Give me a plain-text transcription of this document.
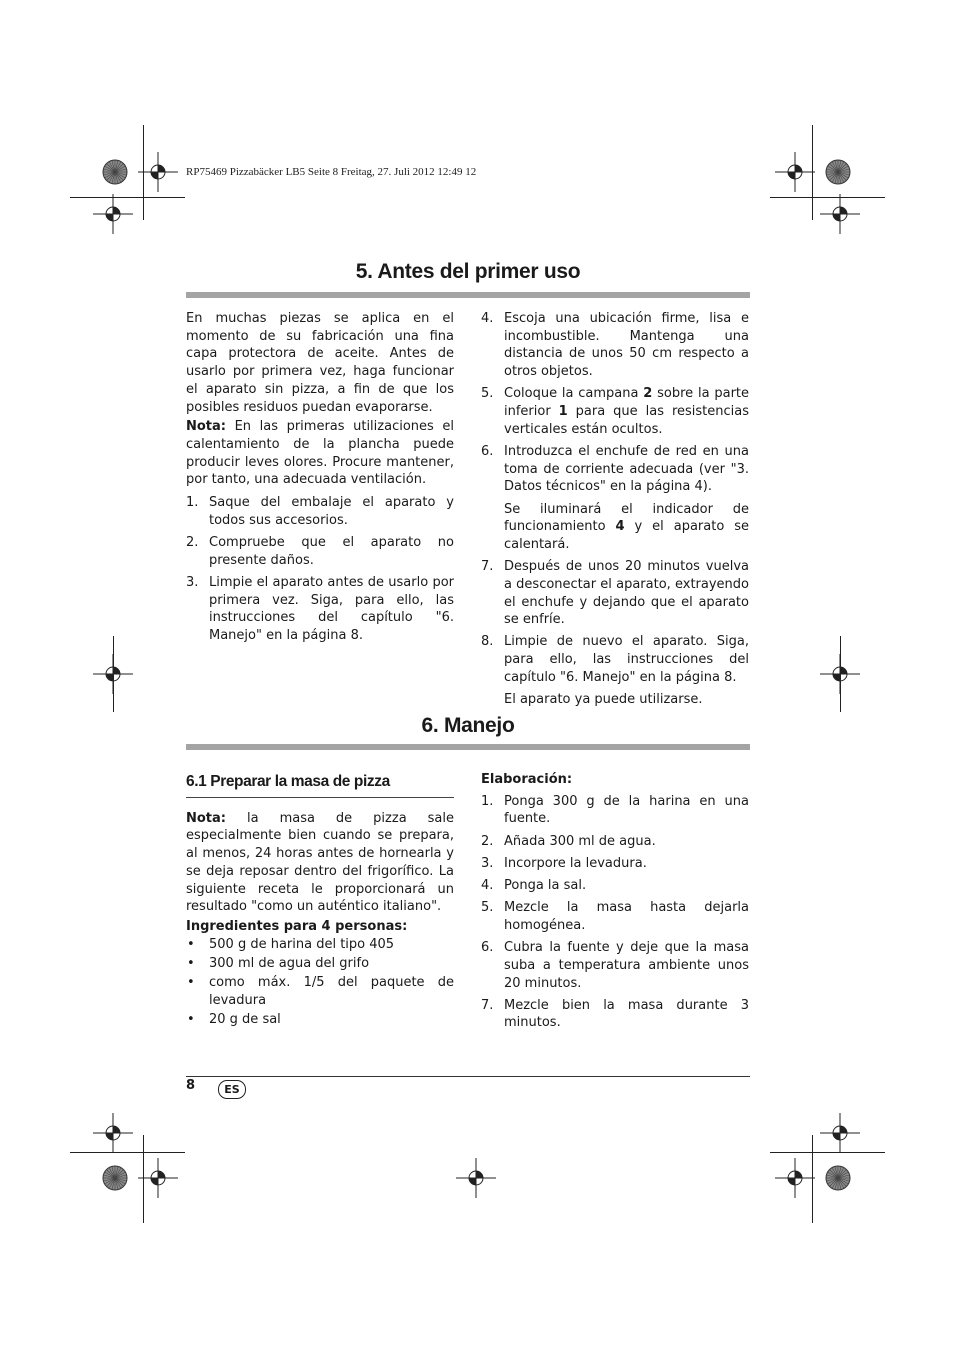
RP75469 Pizzabäcker LB5 Seite 8 Freitag, 27. Juli 2012 12:49 12
5. Antes del primer uso

En muchas piezas se aplica en el momento de su fabricación una fina capa protectora de aceite. Antes de usarlo por primera vez, haga funcionar el aparato sin pizza, a fin de que los posibles residuos puedan evaporarse.

Nota: En las primeras utilizaciones el calentamiento de la plancha puede producir leves olores. Procure mantener, por tanto, una adecuada ventilación.

1. Saque del embalaje el aparato y todos sus accesorios.
2. Compruebe que el aparato no presente daños.
3. Limpie el aparato antes de usarlo por primera vez. Siga, para ello, las instrucciones del capítulo "6. Manejo" en la página 8.
4. Escoja una ubicación firme, lisa e incombustible. Mantenga una distancia de unos 50 cm respecto a otros objetos.
5. Coloque la campana 2 sobre la parte inferior 1 para que las resistencias verticales están ocultos.
6. Introduzca el enchufe de red en una toma de corriente adecuada (ver "3. Datos técnicos" en la página 4).
Se iluminará el indicador de funcionamiento 4 y el aparato se calentará.
7. Después de unos 20 minutos vuelva a desconectar el aparato, extrayendo el enchufe y dejando que el aparato se enfríe.
8. Limpie de nuevo el aparato. Siga, para ello, las instrucciones del capítulo "6. Manejo" en la página 8.
El aparato ya puede utilizarse.
6. Manejo
6.1 Preparar la masa de pizza

Nota: la masa de pizza sale especialmente bien cuando se prepara, al menos, 24 horas antes de hornearla y se deja reposar dentro del frigorífico. La siguiente receta le proporcionará un resultado "como un auténtico italiano".

Ingredientes para 4 personas:

• 500 g de harina del tipo 405
• 300 ml de agua del grifo
• como máx. 1/5 del paquete de levadura
• 20 g de sal

Elaboración:

1. Ponga 300 g de la harina en una fuente.
2. Añada 300 ml de agua.
3. Incorpore la levadura.
4. Ponga la sal.
5. Mezcle la masa hasta dejarla homogénea.
6. Cubra la fuente y deje que la masa suba a temperatura ambiente unos 20 minutos.
7. Mezcle bien la masa durante 3 minutos.
8	ES
